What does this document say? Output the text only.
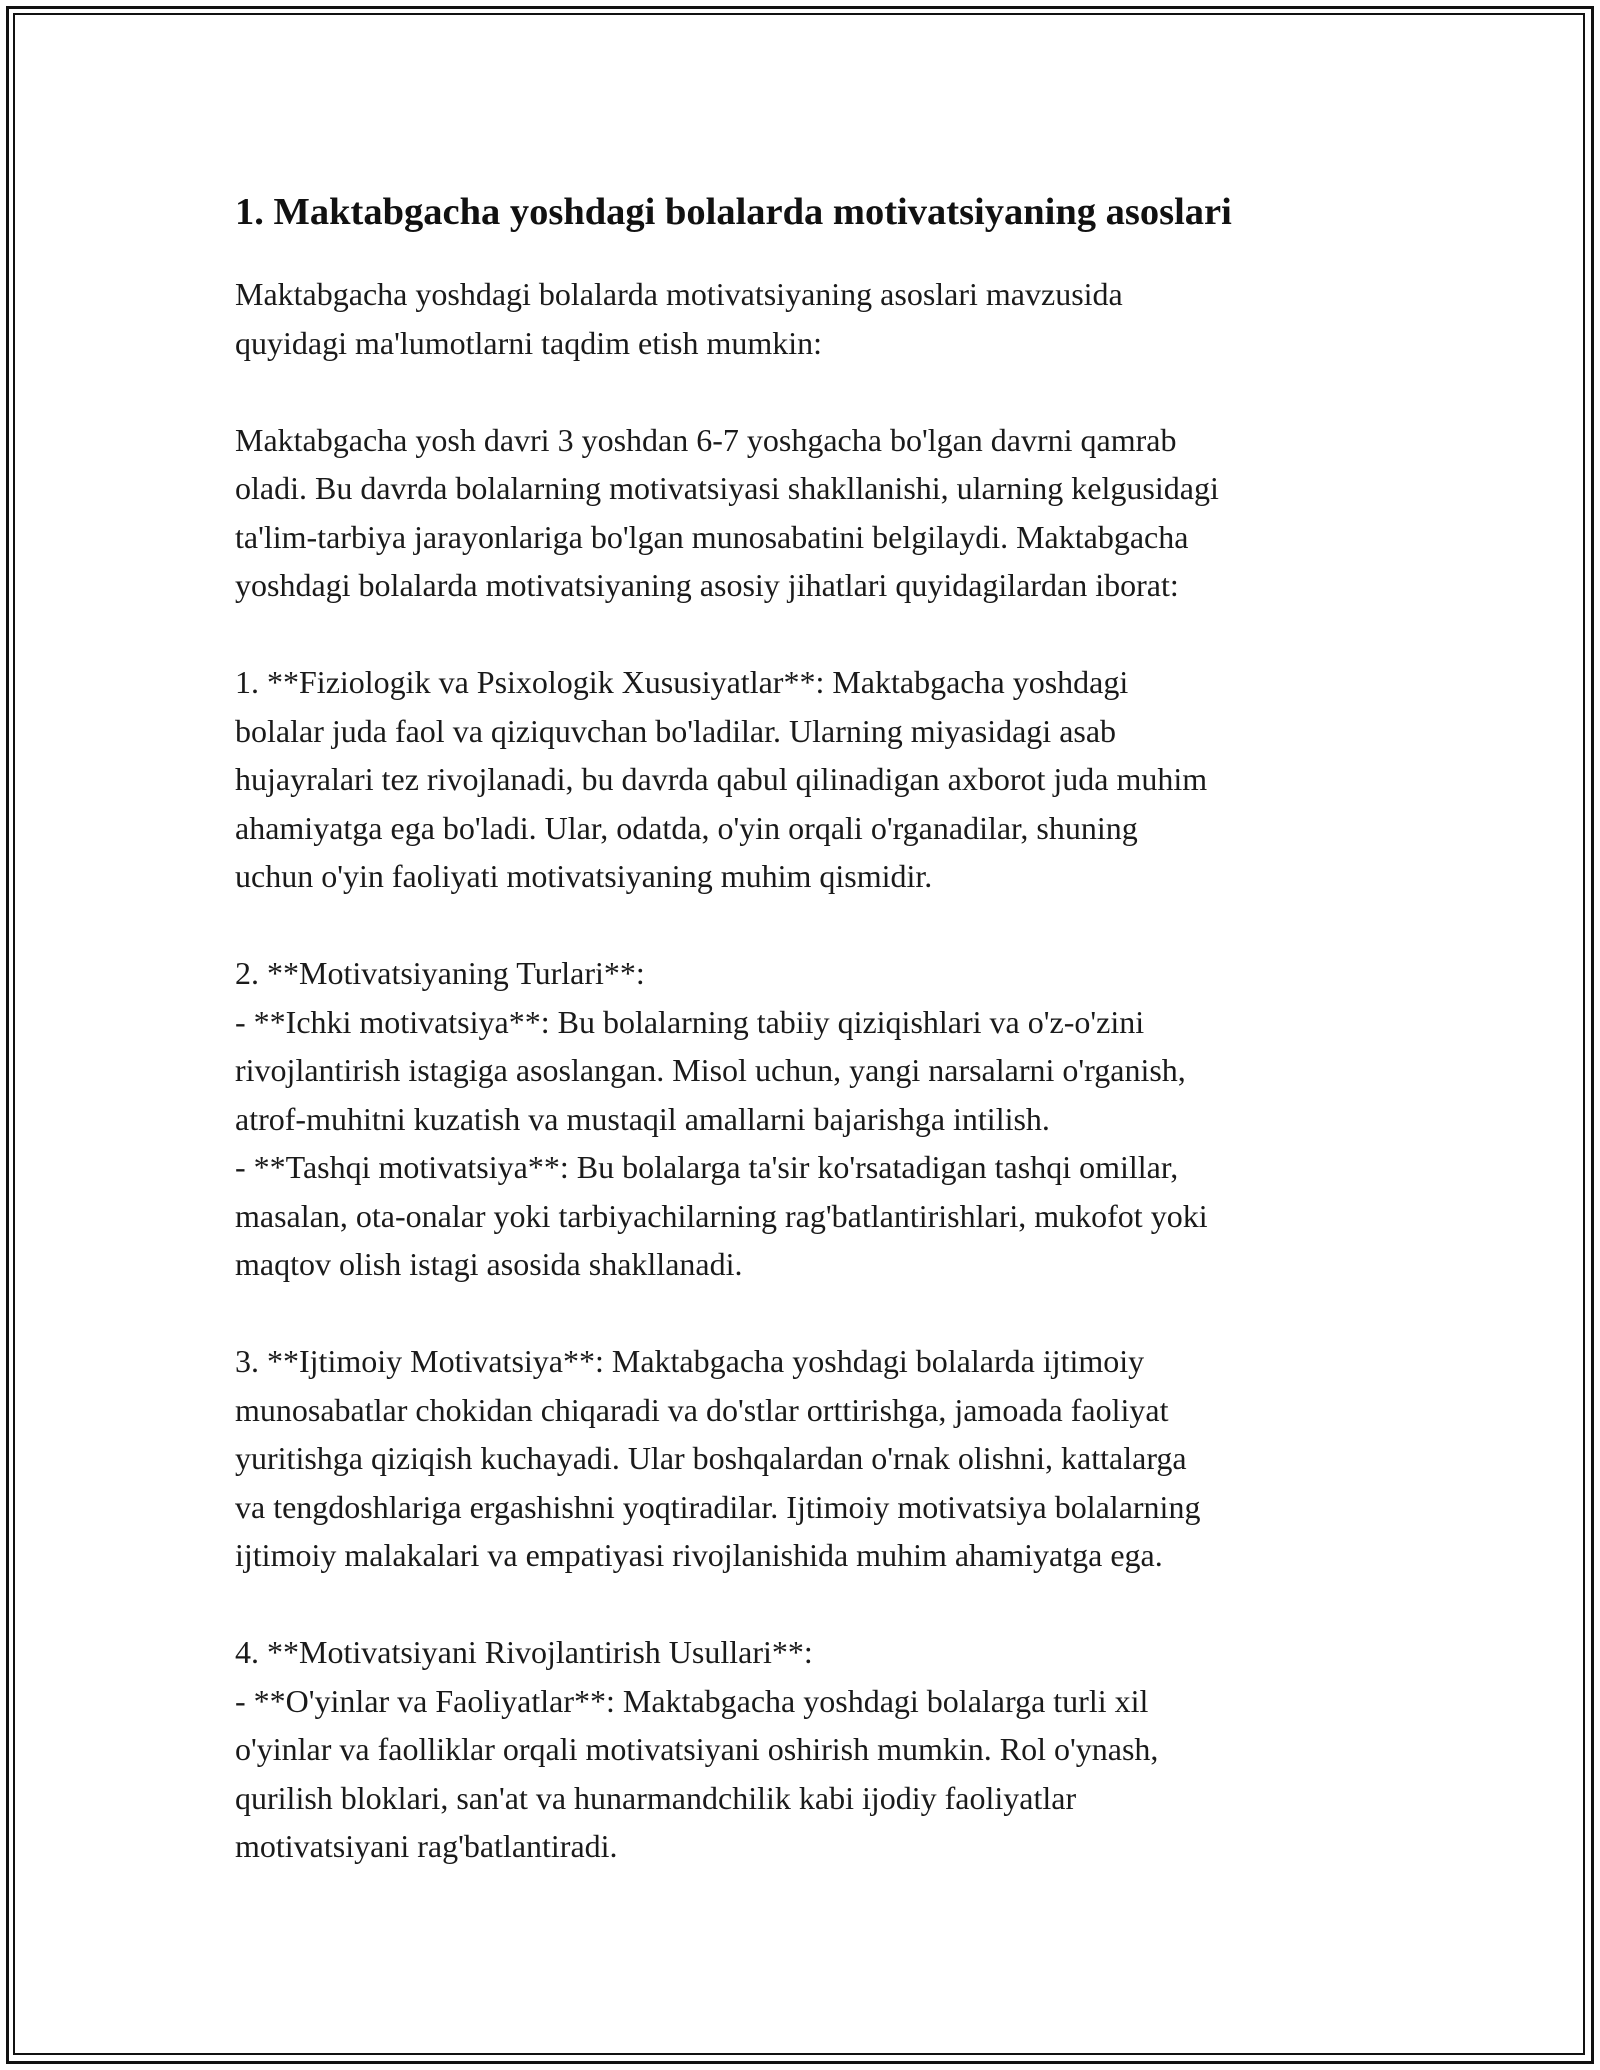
1. Maktabgacha yoshdagi bolalarda motivatsiyaning asoslari

Maktabgacha yoshdagi bolalarda motivatsiyaning asoslari mavzusida
quyidagi ma'lumotlarni taqdim etish mumkin:

Maktabgacha yosh davri 3 yoshdan 6-7 yoshgacha bo'lgan davrni qamrab
oladi. Bu davrda bolalarning motivatsiyasi shakllanishi, ularning kelgusidagi
ta'lim-tarbiya jarayonlariga bo'lgan munosabatini belgilaydi. Maktabgacha
yoshdagi bolalarda motivatsiyaning asosiy jihatlari quyidagilardan iborat:

1. **Fiziologik va Psixologik Xususiyatlar**: Maktabgacha yoshdagi
bolalar juda faol va qiziquvchan bo'ladilar. Ularning miyasidagi asab
hujayralari tez rivojlanadi, bu davrda qabul qilinadigan axborot juda muhim
ahamiyatga ega bo'ladi. Ular, odatda, o'yin orqali o'rganadilar, shuning
uchun o'yin faoliyati motivatsiyaning muhim qismidir.

2. **Motivatsiyaning Turlari**:
- **Ichki motivatsiya**: Bu bolalarning tabiiy qiziqishlari va o'z-o'zini
rivojlantirish istagiga asoslangan. Misol uchun, yangi narsalarni o'rganish,
atrof-muhitni kuzatish va mustaqil amallarni bajarishga intilish.
- **Tashqi motivatsiya**: Bu bolalarga ta'sir ko'rsatadigan tashqi omillar,
masalan, ota-onalar yoki tarbiyachilarning rag'batlantirishlari, mukofot yoki
maqtov olish istagi asosida shakllanadi.

3. **Ijtimoiy Motivatsiya**: Maktabgacha yoshdagi bolalarda ijtimoiy
munosabatlar chokidan chiqaradi va do'stlar orttirishga, jamoada faoliyat
yuritishga qiziqish kuchayadi. Ular boshqalardan o'rnak olishni, kattalarga
va tengdoshlariga ergashishni yoqtiradilar. Ijtimoiy motivatsiya bolalarning
ijtimoiy malakalari va empatiyasi rivojlanishida muhim ahamiyatga ega.

4. **Motivatsiyani Rivojlantirish Usullari**:
- **O'yinlar va Faoliyatlar**: Maktabgacha yoshdagi bolalarga turli xil
o'yinlar va faolliklar orqali motivatsiyani oshirish mumkin. Rol o'ynash,
qurilish bloklari, san'at va hunarmandchilik kabi ijodiy faoliyatlar
motivatsiyani rag'batlantiradi.
